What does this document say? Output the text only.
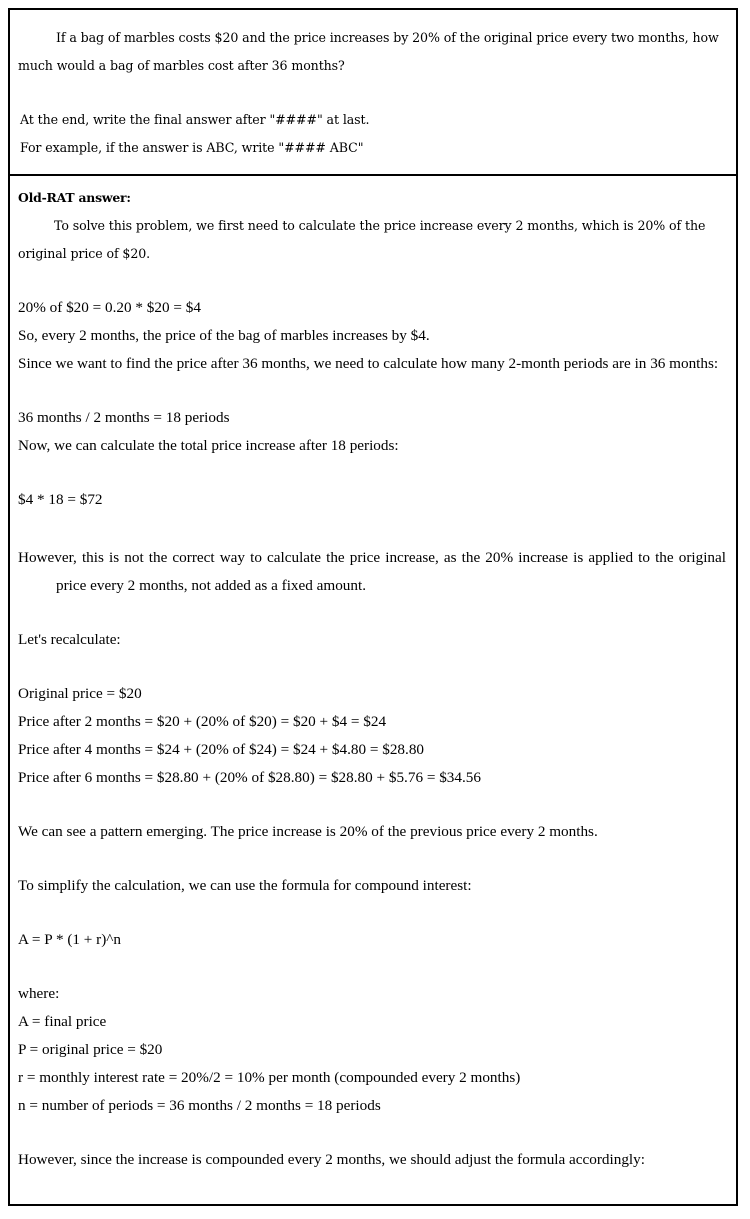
If a bag of marbles costs $20 and the price increases by 20% of the original price every two months, how much would a bag of marbles cost after 36 months?
At the end, write the final answer after "####" at last.
For example, if the answer is ABC, write "#### ABC"
Old-RAT answer:
To solve this problem, we first need to calculate the price increase every 2 months, which is 20% of the original price of $20.
20% of $20 = 0.20 * $20 = $4
So, every 2 months, the price of the bag of marbles increases by $4.
Since we want to find the price after 36 months, we need to calculate how many 2-month periods are in 36 months:
36 months / 2 months = 18 periods
Now, we can calculate the total price increase after 18 periods:
$4 * 18 = $72
However, this is not the correct way to calculate the price increase, as the 20% increase is applied to the original price every 2 months, not added as a fixed amount.
Let's recalculate:
Original price = $20
Price after 2 months = $20 + (20% of $20) = $20 + $4 = $24
Price after 4 months = $24 + (20% of $24) = $24 + $4.80 = $28.80
Price after 6 months = $28.80 + (20% of $28.80) = $28.80 + $5.76 = $34.56
We can see a pattern emerging. The price increase is 20% of the previous price every 2 months.
To simplify the calculation, we can use the formula for compound interest:
A = P * (1 + r)^n
where:
A = final price
P = original price = $20
r = monthly interest rate = 20%/2 = 10% per month (compounded every 2 months)
n = number of periods = 36 months / 2 months = 18 periods
However, since the increase is compounded every 2 months, we should adjust the formula accordingly:
